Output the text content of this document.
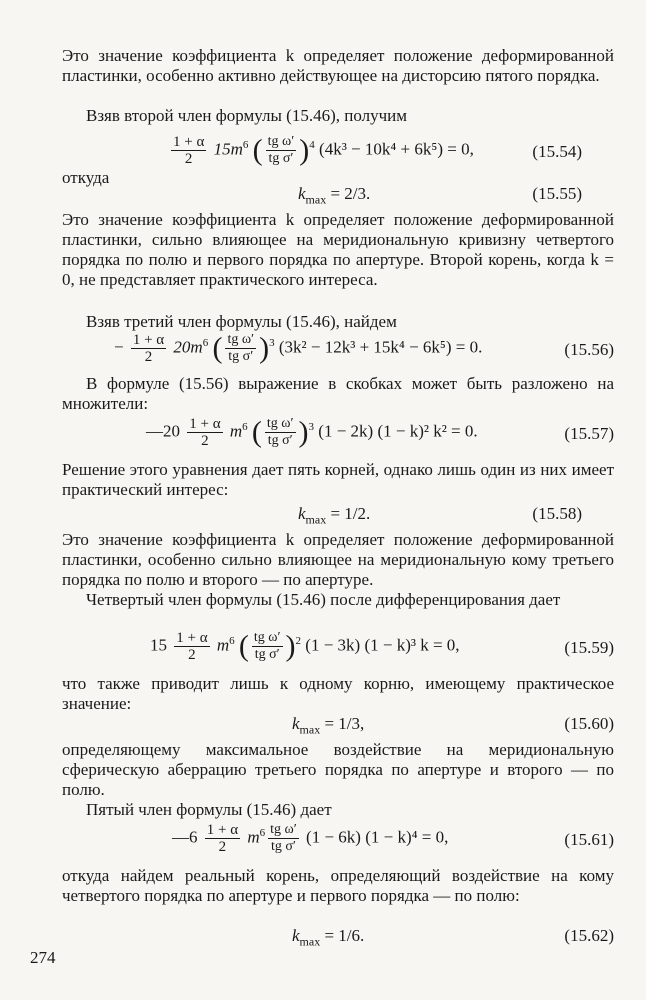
Это значение коэффициента k определяет положение деформированной пластинки, особенно активно действующее на дисторсию пятого порядка.
Взяв второй член формулы (15.46), получим
$\frac{1 + \alpha}{2} 15m^6$ ( $\frac{\text{tg ω′}}{\text{tg σ′}} )^4$ (4k³ − 10k⁴ + 6k⁵) = 0,	(15.54)
откуда
$k_{max} = 2/3$.	(15.55)
Это значение коэффициента k определяет положение деформированной пластинки, сильно влияющее на меридиональную кривизну четвертого порядка по полю и первого порядка по апертуре. Второй корень, когда k = 0, не представляет практического интереса.
Взяв третий член формулы (15.46), найдем
− $\frac{1 + \alpha}{2} 20m^6$ ( $\frac{\text{tg ω′}}{\text{tg σ′}} )^3$ (3k² − 12k³ + 15k⁴ − 6k⁵) = 0.	(15.56)
В формуле (15.56) выражение в скобках может быть разложено на множители:
—20 $\frac{1 + \alpha}{2} m^6$ ( $\frac{\text{tg ω′}}{\text{tg σ′}} )^3$ (1 − 2k) (1 − k)² k² = 0.	(15.57)
Решение этого уравнения дает пять корней, однако лишь один из них имеет практический интерес:
$k_{max} = 1/2$.	(15.58)
Это значение коэффициента k определяет положение деформированной пластинки, особенно сильно влияющее на меридиональную кому третьего порядка по полю и второго — по апертуре.
Четвертый член формулы (15.46) после дифференцирования дает
$15 \frac{1 + \alpha}{2} m^6$ ( $\frac{\text{tg ω′}}{\text{tg σ′}} )^2$ (1 − 3k) (1 − k)³ k = 0,	(15.59)
что также приводит лишь к одному корню, имеющему практическое значение:
$k_{max} = 1/3$,	(15.60)
определяющему максимальное воздействие на меридиональную сферическую аберрацию третьего порядка по апертуре и второго — по полю.
Пятый член формулы (15.46) дает
—6 $\frac{1 + \alpha}{2} m^6 \frac{\text{tg ω′}}{\text{tg σ′}} (1 - 6k) (1 - k)^4 = 0$,	(15.61)
откуда найдем реальный корень, определяющий воздействие на кому четвертого порядка по апертуре и первого порядка — по полю:
$k_{max} = 1/6$.	(15.62)
274
